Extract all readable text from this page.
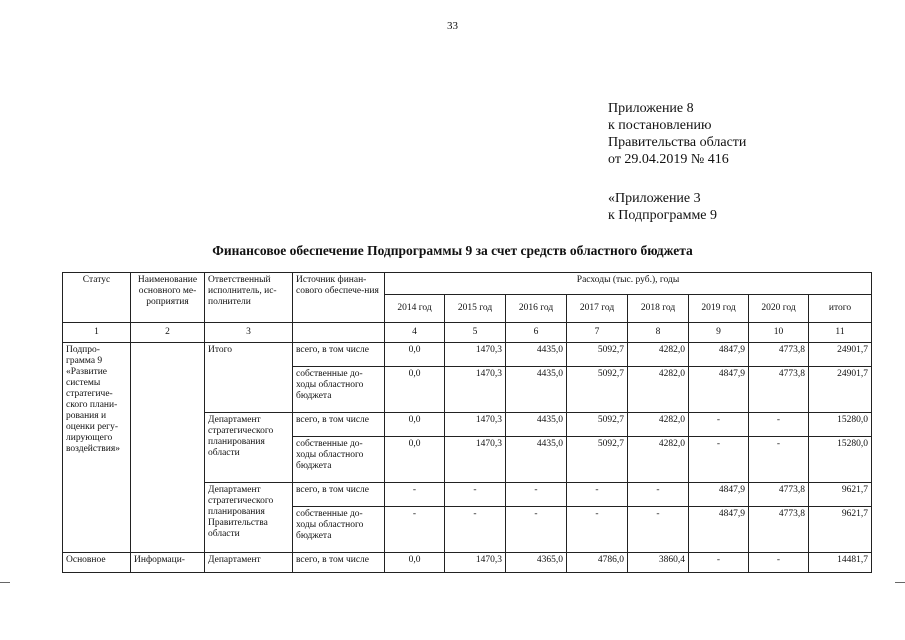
33
Приложение 8
к постановлению
Правительства области
от 29.04.2019 № 416
«Приложение 3
к Подпрограмме 9
Финансовое обеспечение Подпрограммы 9 за счет средств областного бюджета
Статус	Наименование основного ме-роприятия	Ответственный исполнитель, ис-полнители	Источник финан-сового обеспече-ния	Расходы (тыс. руб.), годы							
				2014 год	2015 год	2016 год	2017 год	2018 год	2019 год	2020 год	итого
1	2	3		4	5	6	7	8	9	10	11
Подпро-грамма 9 «Развитие системы стратегиче-ского плани-рования и оценки регу-лирующего воздействия»		Итого	всего, в том числе	0,0	1470,3	4435,0	5092,7	4282,0	4847,9	4773,8	24901,7
			собственные до-ходы областного бюджета	0,0	1470,3	4435,0	5092,7	4282,0	4847,9	4773,8	24901,7
		Департамент стратегического планирования области	всего, в том числе	0,0	1470,3	4435,0	5092,7	4282,0	-	-	15280,0
			собственные до-ходы областного бюджета	0,0	1470,3	4435,0	5092,7	4282,0	-	-	15280,0
		Департамент стратегического планирования Правительства области	всего, в том числе	-	-	-	-	-	4847,9	4773,8	9621,7
			собственные до-ходы областного бюджета	-	-	-	-	-	4847,9	4773,8	9621,7
Основное	Информаци-	Департамент	всего, в том числе	0,0	1470,3	4365,0	4786,0	3860,4	-	-	14481,7
